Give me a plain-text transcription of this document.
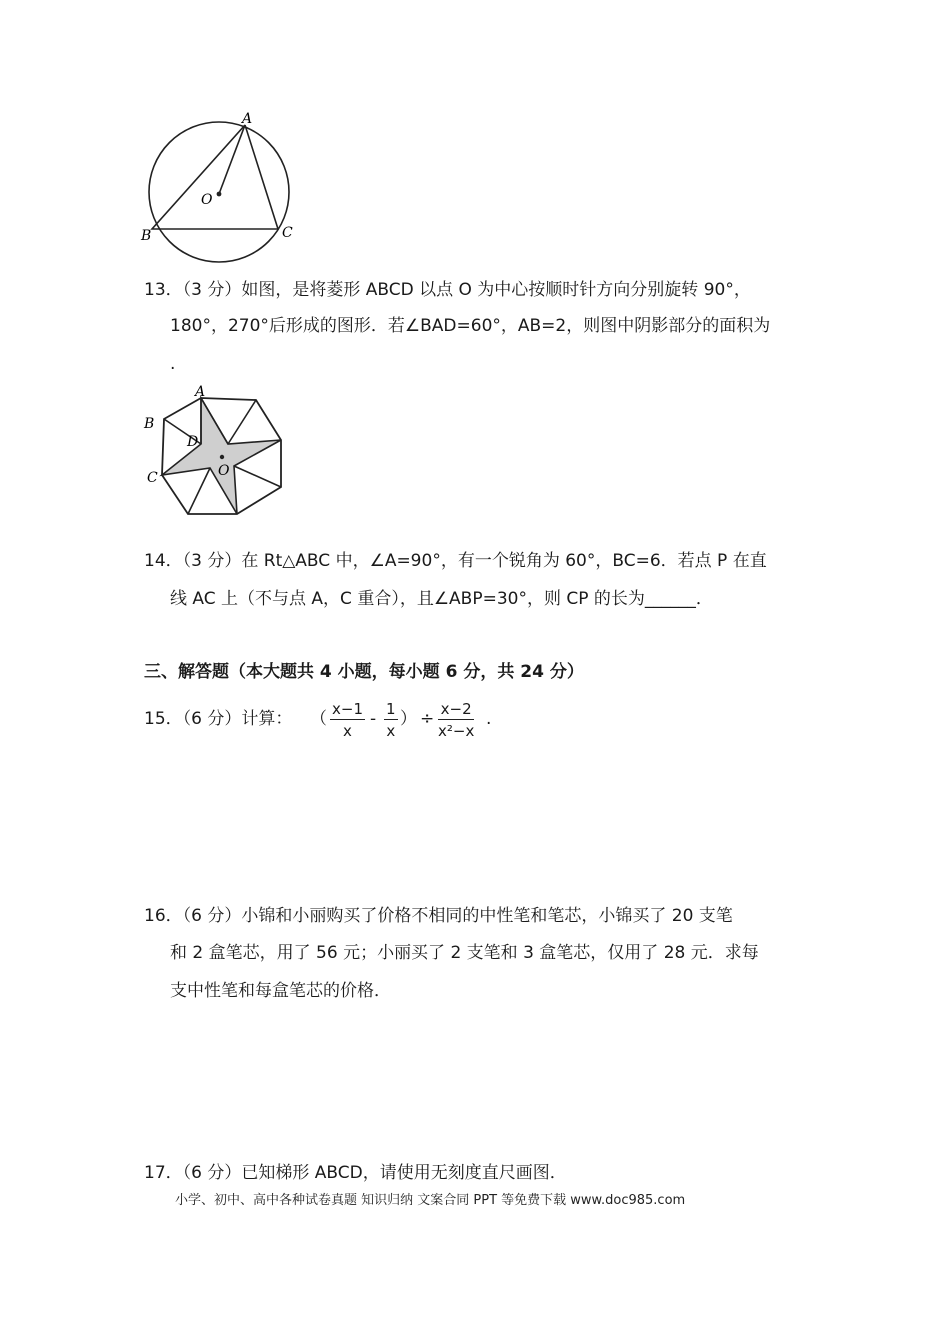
A
B	C
O
13．（3 分）如图，是将菱形 ABCD 以点 O 为中心按顺时针方向分别旋转 90°，
180°，270°后形成的图形．若∠BAD=60°，AB=2，则图中阴影部分的面积为
.
A
B
C
D
O
14．（3 分）在 Rt△ABC 中，∠A=90°，有一个锐角为 60°，BC=6．若点 P 在直
线 AC 上（不与点 A，C 重合），且∠ABP=30°，则 CP 的长为______．
三、解答题（本大题共 4 小题，每小题 6 分，共 24 分）
15．（6 分）计算： （ $\frac{x-1}{x} - \frac{1}{x}$ ） ÷ $\frac{x-2}{\text{x²−x}}$ .
16．（6 分）小锦和小丽购买了价格不相同的中性笔和笔芯，小锦买了 20 支笔
和 2 盒笔芯，用了 56 元；小丽买了 2 支笔和 3 盒笔芯，仅用了 28 元．求每
支中性笔和每盒笔芯的价格．
17．（6 分）已知梯形 ABCD，请使用无刻度直尺画图．
小学、初中、高中各种试卷真题 知识归纳 文案合同 PPT 等免费下载 www.doc985.com
